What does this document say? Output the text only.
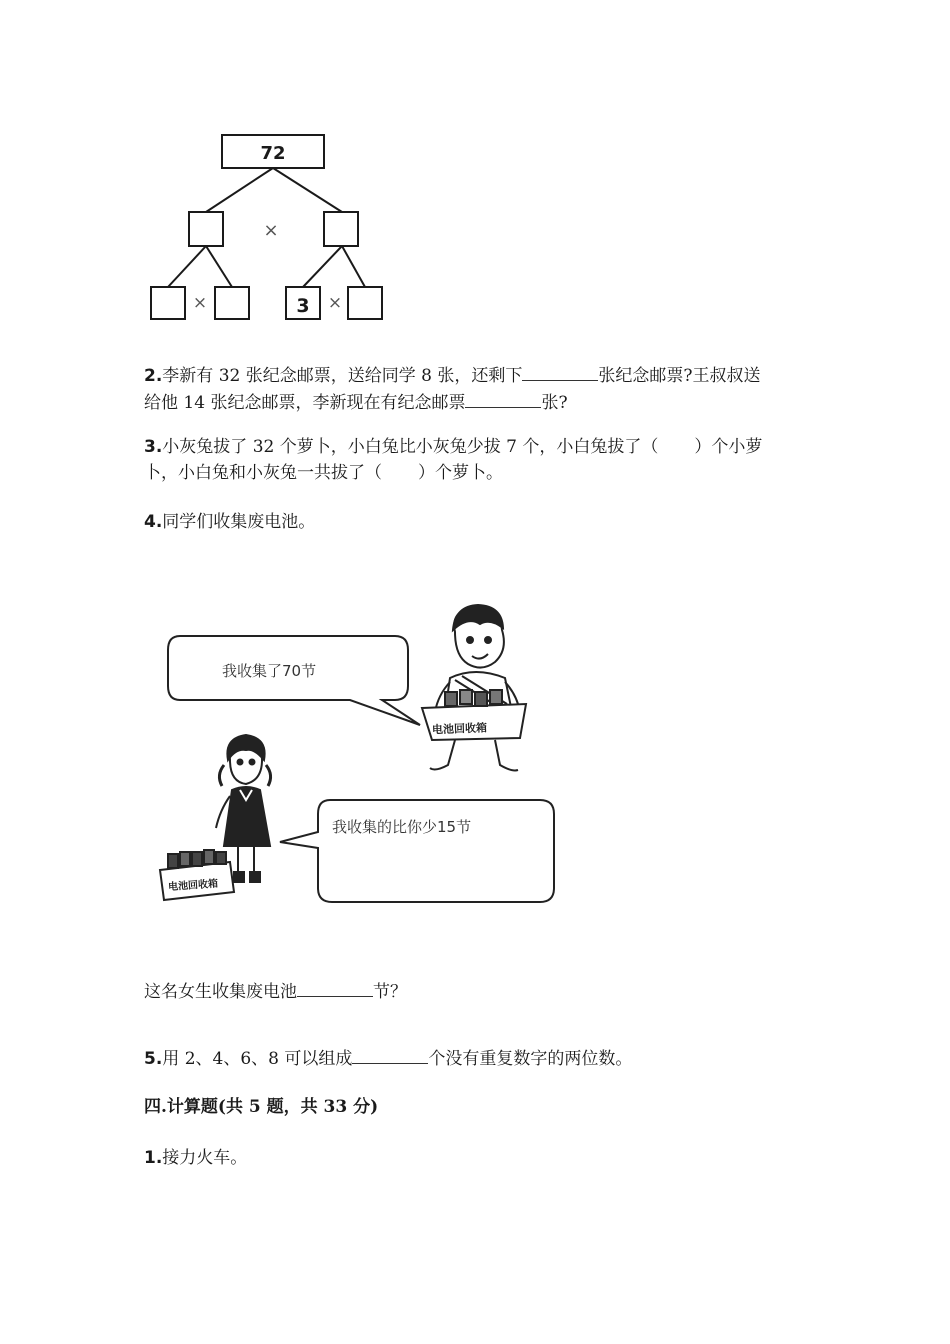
72
×
×	3 ×
2.李新有 32 张纪念邮票，送给同学 8 张，还剩下	张纪念邮票?王叔叔送
给他 14 张纪念邮票，李新现在有纪念邮票	张?
3.小灰兔拔了 32 个萝卜，小白兔比小灰兔少拔 7 个，小白兔拔了（ ）个小萝
卜，小白兔和小灰兔一共拔了（ ）个萝卜。
4.同学们收集废电池。
我收集了70节
电池回收箱
电池回收箱
我收集的比你少15节
这名女生收集废电池	节？
5.用 2、4、6、8 可以组成	个没有重复数字的两位数。
四.计算题(共 5 题，共 33 分)
1.接力火车。
